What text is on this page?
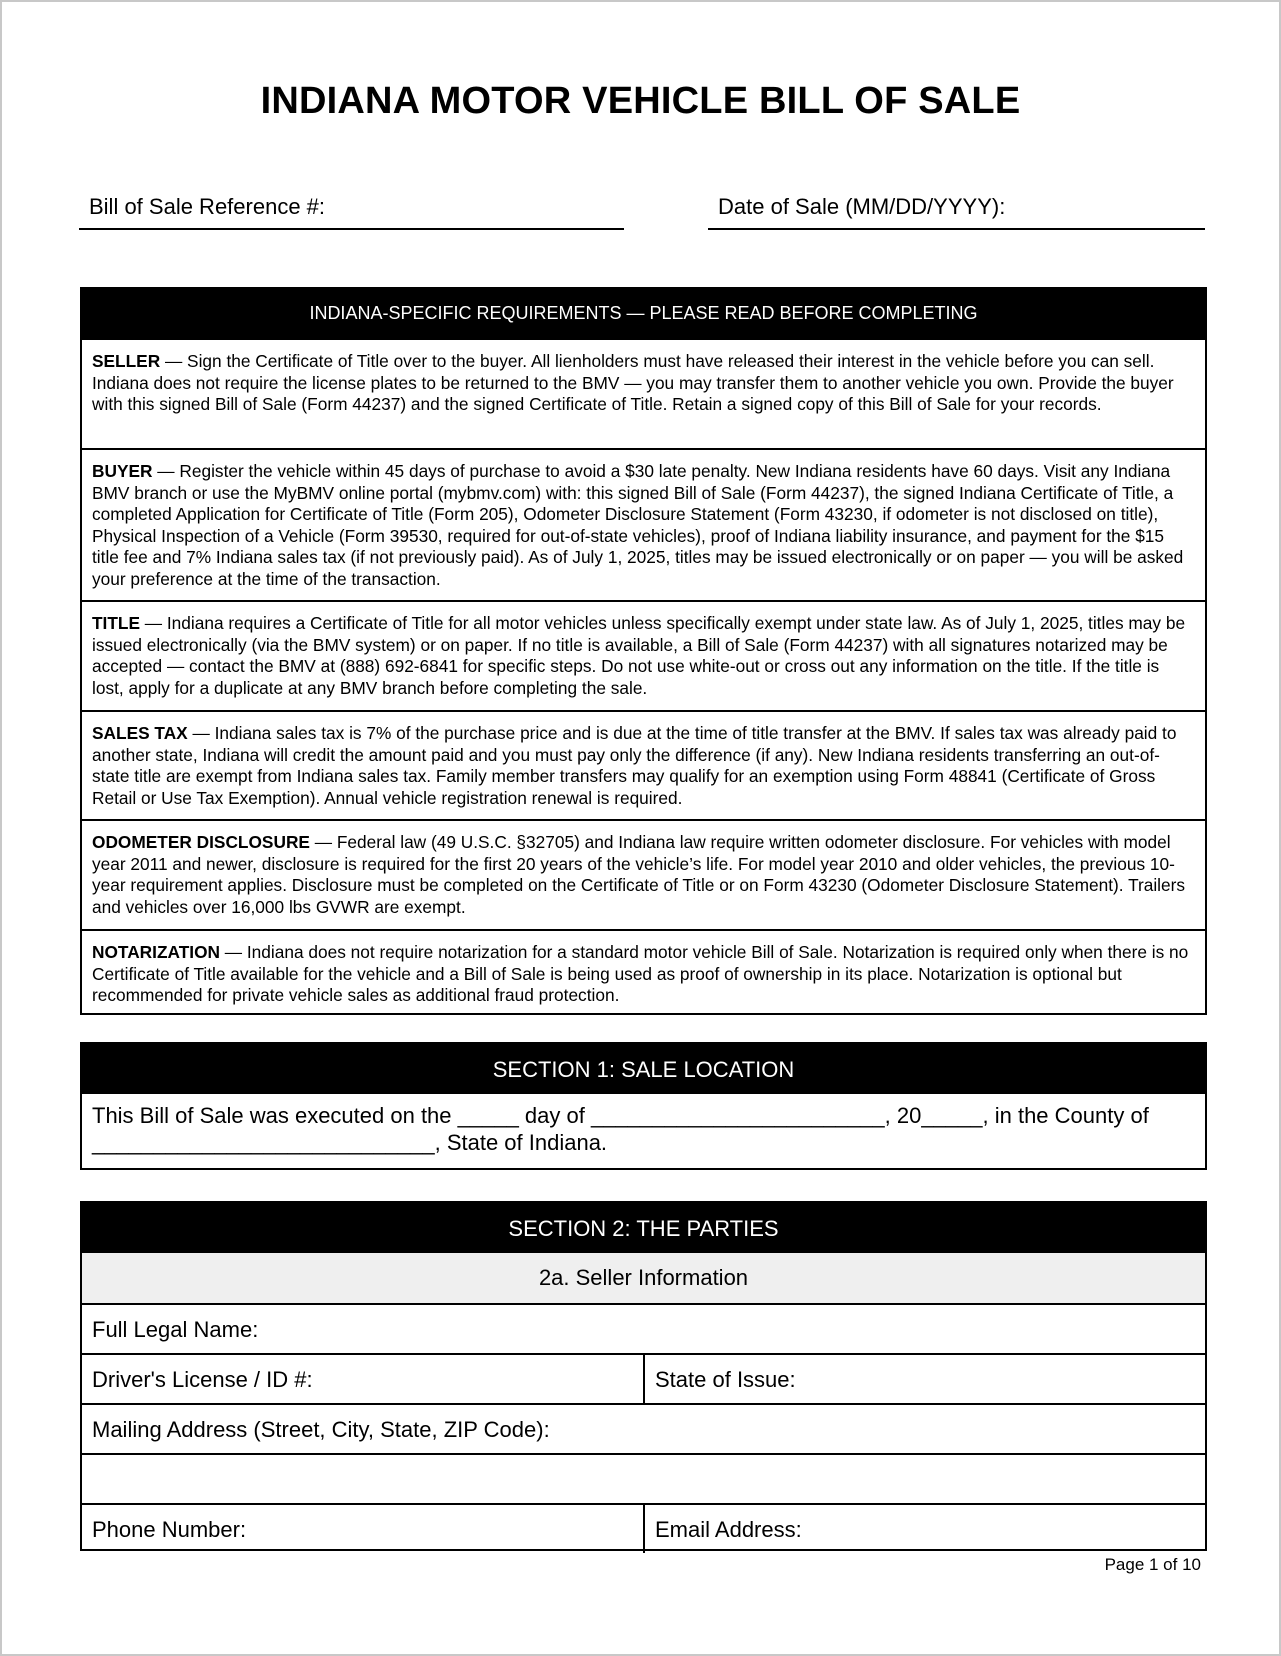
INDIANA MOTOR VEHICLE BILL OF SALE
Bill of Sale Reference #:	Date of Sale (MM/DD/YYYY):
INDIANA-SPECIFIC REQUIREMENTS — PLEASE READ BEFORE COMPLETING
SELLER — Sign the Certificate of Title over to the buyer. All lienholders must have released their interest in the vehicle before you can sell. Indiana does not require the license plates to be returned to the BMV — you may transfer them to another vehicle you own. Provide the buyer with this signed Bill of Sale (Form 44237) and the signed Certificate of Title. Retain a signed copy of this Bill of Sale for your records.
BUYER — Register the vehicle within 45 days of purchase to avoid a $30 late penalty. New Indiana residents have 60 days. Visit any Indiana BMV branch or use the MyBMV online portal (mybmv.com) with: this signed Bill of Sale (Form 44237), the signed Indiana Certificate of Title, a completed Application for Certificate of Title (Form 205), Odometer Disclosure Statement (Form 43230, if odometer is not disclosed on title), Physical Inspection of a Vehicle (Form 39530, required for out-of-state vehicles), proof of Indiana liability insurance, and payment for the $15 title fee and 7% Indiana sales tax (if not previously paid). As of July 1, 2025, titles may be issued electronically or on paper — you will be asked your preference at the time of the transaction.
TITLE — Indiana requires a Certificate of Title for all motor vehicles unless specifically exempt under state law. As of July 1, 2025, titles may be issued electronically (via the BMV system) or on paper. If no title is available, a Bill of Sale (Form 44237) with all signatures notarized may be accepted — contact the BMV at (888) 692-6841 for specific steps. Do not use white-out or cross out any information on the title. If the title is lost, apply for a duplicate at any BMV branch before completing the sale.
SALES TAX — Indiana sales tax is 7% of the purchase price and is due at the time of title transfer at the BMV. If sales tax was already paid to another state, Indiana will credit the amount paid and you must pay only the difference (if any). New Indiana residents transferring an out-of-state title are exempt from Indiana sales tax. Family member transfers may qualify for an exemption using Form 48841 (Certificate of Gross Retail or Use Tax Exemption). Annual vehicle registration renewal is required.
ODOMETER DISCLOSURE — Federal law (49 U.S.C. §32705) and Indiana law require written odometer disclosure. For vehicles with model year 2011 and newer, disclosure is required for the first 20 years of the vehicle’s life. For model year 2010 and older vehicles, the previous 10-year requirement applies. Disclosure must be completed on the Certificate of Title or on Form 43230 (Odometer Disclosure Statement). Trailers and vehicles over 16,000 lbs GVWR are exempt.
NOTARIZATION — Indiana does not require notarization for a standard motor vehicle Bill of Sale. Notarization is required only when there is no Certificate of Title available for the vehicle and a Bill of Sale is being used as proof of ownership in its place. Notarization is optional but recommended for private vehicle sales as additional fraud protection.
SECTION 1: SALE LOCATION
This Bill of Sale was executed on the _____ day of ________________________, 20_____, in the County of ____________________________, State of Indiana.
SECTION 2: THE PARTIES
2a. Seller Information
Full Legal Name:
Driver's License / ID #:	State of Issue:
Mailing Address (Street, City, State, ZIP Code):
Phone Number:	Email Address:
Page 1 of 10
